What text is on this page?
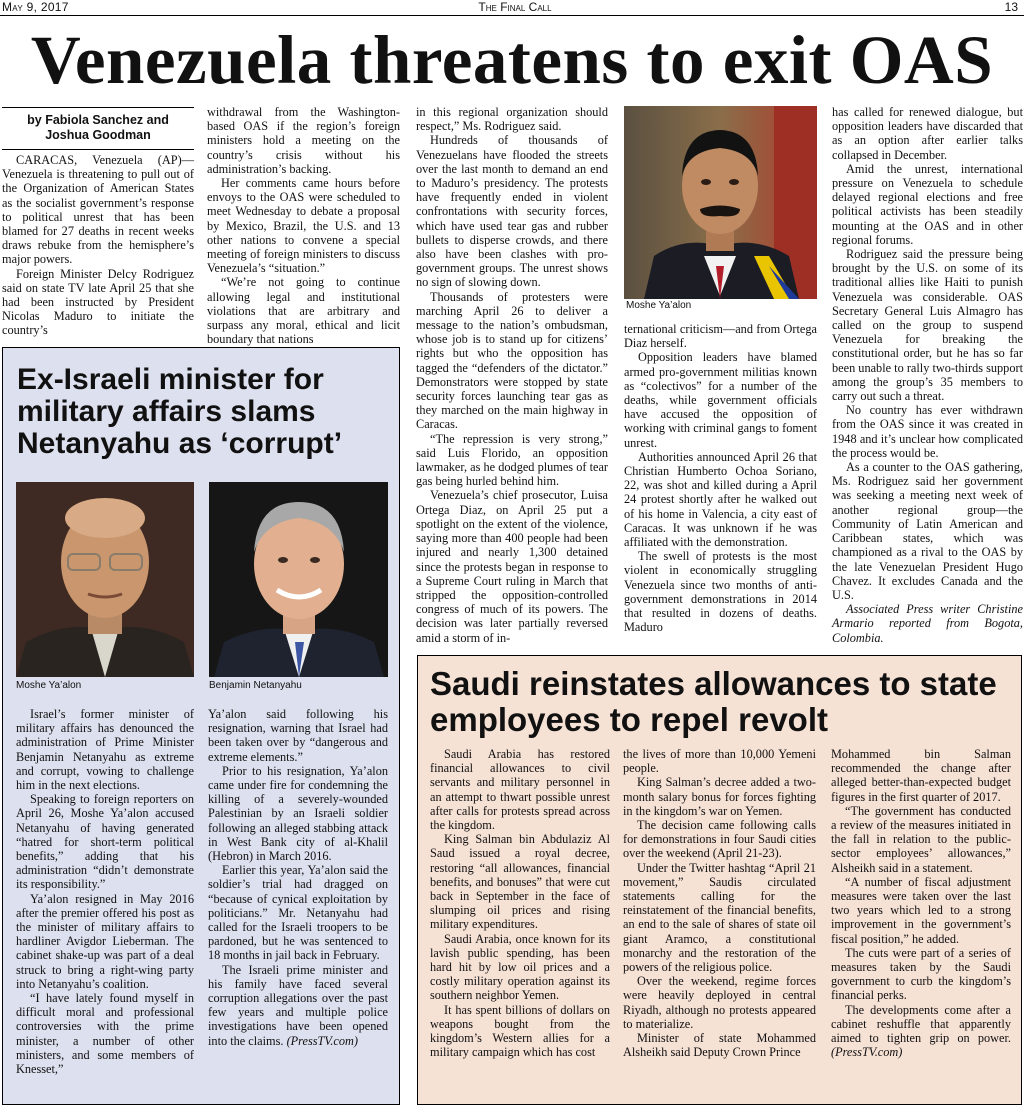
May 9, 2017	The Final Call	13
Venezuela threatens to exit OAS
by Fabiola Sanchez and
Joshua Goodman

CARACAS, Venezuela (AP)— Venezuela is threatening to pull out of the Organization of American States as the socialist government’s response to political unrest that has been blamed for 27 deaths in recent weeks draws rebuke from the hemisphere’s major powers.

Foreign Minister Delcy Rodriguez said on state TV late April 25 that she had been instructed by President Nicolas Maduro to initiate the country’s

withdrawal from the Washington-based OAS if the region’s foreign ministers hold a meeting on the country’s crisis without his administration’s backing.

Her comments came hours before envoys to the OAS were scheduled to meet Wednesday to debate a proposal by Mexico, Brazil, the U.S. and 13 other nations to convene a special meeting of foreign ministers to discuss Venezuela’s “situation.”

“We’re not going to continue allowing legal and institutional violations that are arbitrary and surpass any moral, ethical and licit boundary that nations

in this regional organization should respect,” Ms. Rodriguez said.

Hundreds of thousands of Venezuelans have flooded the streets over the last month to demand an end to Maduro’s presidency. The protests have frequently ended in violent confrontations with security forces, which have used tear gas and rubber bullets to disperse crowds, and there also have been clashes with pro-government groups. The unrest shows no sign of slowing down.

Thousands of protesters were marching April 26 to deliver a message to the nation’s ombudsman, whose job is to stand up for citizens’ rights but who the opposition has tagged the “defenders of the dictator.” Demonstrators were stopped by state security forces launching tear gas as they marched on the main highway in Caracas.

“The repression is very strong,” said Luis Florido, an opposition lawmaker, as he dodged plumes of tear gas being hurled behind him.

Venezuela’s chief prosecutor, Luisa Ortega Diaz, on April 25 put a spotlight on the extent of the violence, saying more than 400 people had been injured and nearly 1,300 detained since the protests began in response to a Supreme Court ruling in March that stripped the opposition-controlled congress of much of its powers. The decision was later partially reversed amid a storm of in-

Moshe Ya’alon

ternational criticism—and from Ortega Diaz herself.

Opposition leaders have blamed armed pro-government militias known as “colectivos” for a number of the deaths, while government officials have accused the opposition of working with criminal gangs to foment unrest.

Authorities announced April 26 that Christian Humberto Ochoa Soriano, 22, was shot and killed during a April 24 protest shortly after he walked out of his home in Valencia, a city east of Caracas. It was unknown if he was affiliated with the demonstration.

The swell of protests is the most violent in economically struggling Venezuela since two months of anti-government demonstrations in 2014 that resulted in dozens of deaths. Maduro

has called for renewed dialogue, but opposition leaders have discarded that as an option after earlier talks collapsed in December.

Amid the unrest, international pressure on Venezuela to schedule delayed regional elections and free political activists has been steadily mounting at the OAS and in other regional forums.

Rodriguez said the pressure being brought by the U.S. on some of its traditional allies like Haiti to punish Venezuela was considerable. OAS Secretary General Luis Almagro has called on the group to suspend Venezuela for breaking the constitutional order, but he has so far been unable to rally two-thirds support among the group’s 35 members to carry out such a threat.

No country has ever withdrawn from the OAS since it was created in 1948 and it’s unclear how complicated the process would be.

As a counter to the OAS gathering, Ms. Rodriguez said her government was seeking a meeting next week of another regional group—the Community of Latin American and Caribbean states, which was championed as a rival to the OAS by the late Venezuelan President Hugo Chavez. It excludes Canada and the U.S.

Associated Press writer Christine Armario reported from Bogota, Colombia.

Ex-Israeli minister for military affairs slams Netanyahu as ‘corrupt’
Moshe Ya’alon	Benjamin Netanyahu

Israel’s former minister of military affairs has denounced the administration of Prime Minister Benjamin Netanyahu as extreme and corrupt, vowing to challenge him in the next elections.

Speaking to foreign reporters on April 26, Moshe Ya’alon accused Netanyahu of having generated “hatred for short-term political benefits,” adding that his administration “didn’t demonstrate its responsibility.”

Ya’alon resigned in May 2016 after the premier offered his post as the minister of military affairs to hardliner Avigdor Lieberman. The cabinet shake-up was part of a deal struck to bring a right-wing party into Netanyahu’s coalition.

“I have lately found myself in difficult moral and professional controversies with the prime minister, a number of other ministers, and some members of Knesset,”

Ya’alon said following his resignation, warning that Israel had been taken over by “dangerous and extreme elements.”

Prior to his resignation, Ya’alon came under fire for condemning the killing of a severely-wounded Palestinian by an Israeli soldier following an alleged stabbing attack in West Bank city of al-Khalil (Hebron) in March 2016.

Earlier this year, Ya’alon said the soldier’s trial had dragged on “because of cynical exploitation by politicians.” Mr. Netanyahu had called for the Israeli troopers to be pardoned, but he was sentenced to 18 months in jail back in February.

The Israeli prime minister and his family have faced several corruption allegations over the past few years and multiple police investigations have been opened into the claims. (PressTV.com)

Saudi reinstates allowances to state employees to repel revolt

Saudi Arabia has restored financial allowances to civil servants and military personnel in an attempt to thwart possible unrest after calls for protests spread across the kingdom.

King Salman bin Abdulaziz Al Saud issued a royal decree, restoring “all allowances, financial benefits, and bonuses” that were cut back in September in the face of slumping oil prices and rising military expenditures.

Saudi Arabia, once known for its lavish public spending, has been hard hit by low oil prices and a costly military operation against its southern neighbor Yemen.

It has spent billions of dollars on weapons bought from the kingdom’s Western allies for a military campaign which has cost

the lives of more than 10,000 Yemeni people.

King Salman’s decree added a two-month salary bonus for forces fighting in the kingdom’s war on Yemen.

The decision came following calls for demonstrations in four Saudi cities over the weekend (April 21-23).

Under the Twitter hashtag “April 21 movement,” Saudis circulated statements calling for the reinstatement of the financial benefits, an end to the sale of shares of state oil giant Aramco, a constitutional monarchy and the restoration of the powers of the religious police.

Over the weekend, regime forces were heavily deployed in central Riyadh, although no protests appeared to materialize.

Minister of state Mohammed Alsheikh said Deputy Crown Prince

Mohammed bin Salman recommended the change after alleged better-than-expected budget figures in the first quarter of 2017.

“The government has conducted a review of the measures initiated in the fall in relation to the public-sector employees’ allowances,” Alsheikh said in a statement.

“A number of fiscal adjustment measures were taken over the last two years which led to a strong improvement in the government’s fiscal position,” he added.

The cuts were part of a series of measures taken by the Saudi government to curb the kingdom’s financial perks.

The developments come after a cabinet reshuffle that apparently aimed to tighten grip on power. (PressTV.com)
